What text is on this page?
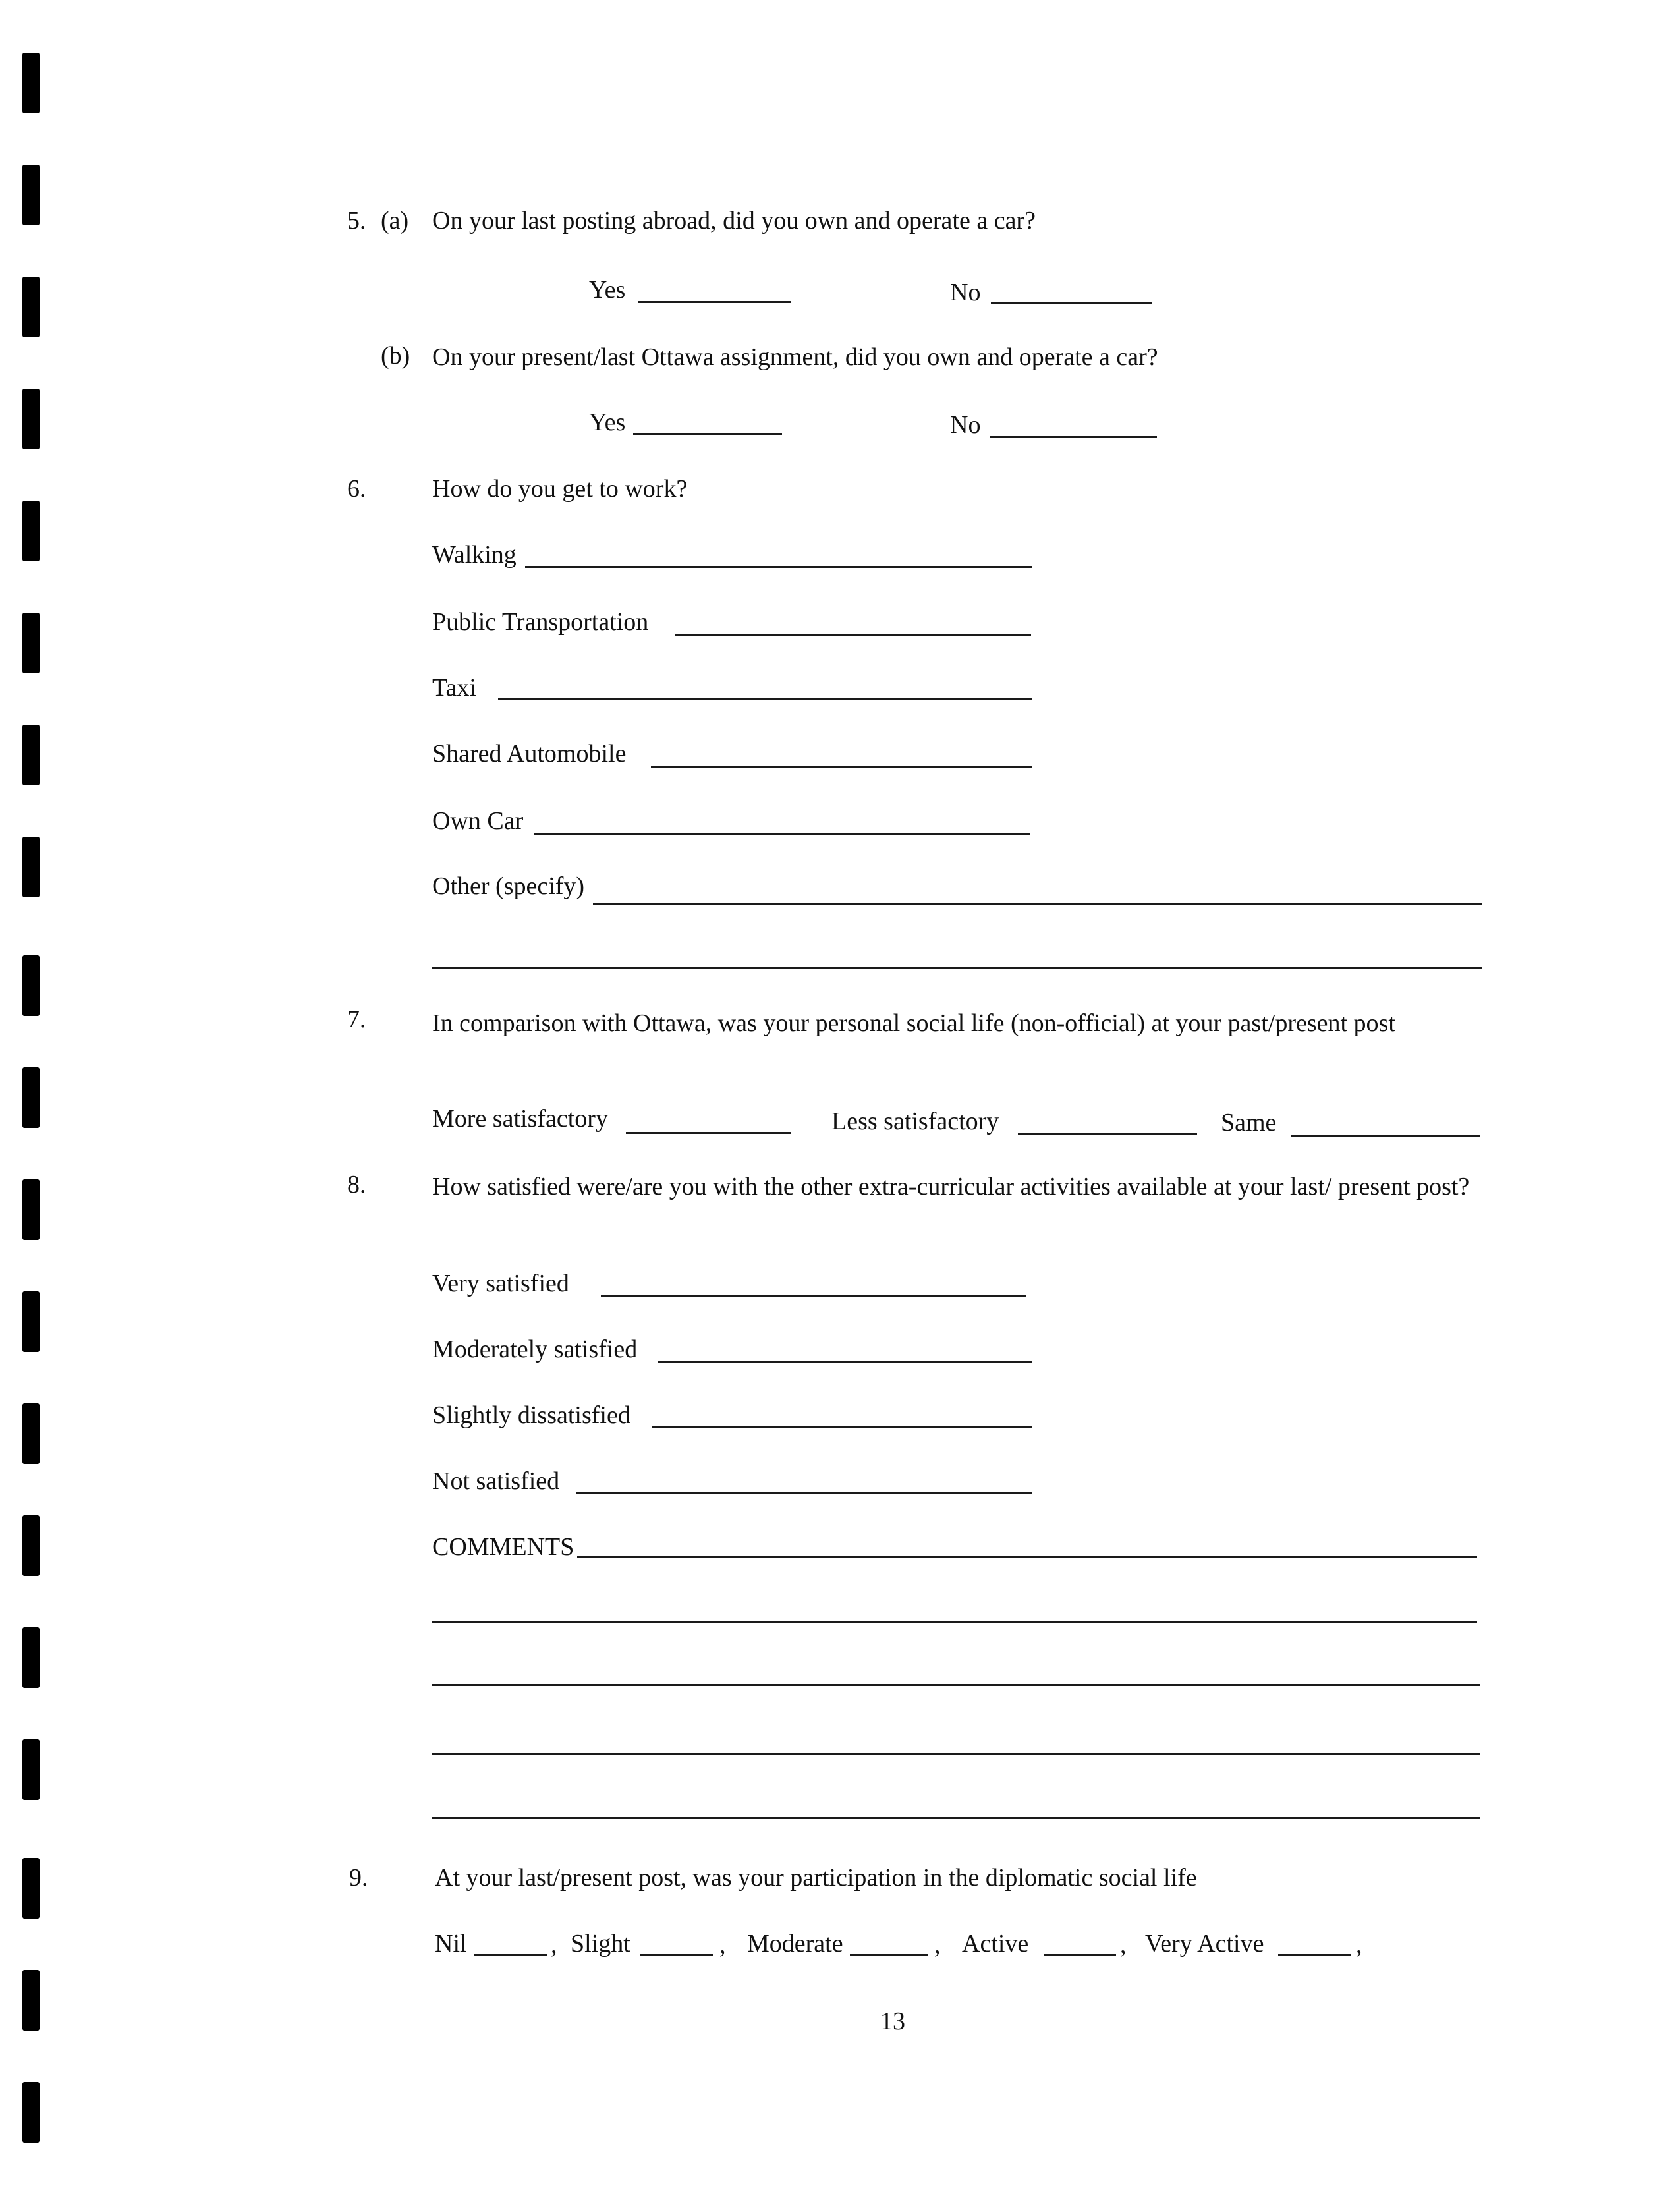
5. (a) On your last posting abroad, did you own and operate a car?
Yes	No
(b) On your present/last Ottawa assignment, did you own and operate a car?
Yes	No
6.	How do you get to work?
Walking
Public Transportation
Taxi
Shared Automobile
Own Car
Other (specify)
7.	In comparison with Ottawa, was your personal social life (non-official) at your past/present post
More satisfactory	Less satisfactory	Same
8.	How satisfied were/are you with the other extra-curricular activities available at your last/ present post?
Very satisfied
Moderately satisfied
Slightly dissatisfied
Not satisfied
COMMENTS
9.	At your last/present post, was your participation in the diplomatic social life
Nil	, Slight	, Moderate	, Active	, Very Active	,
13
